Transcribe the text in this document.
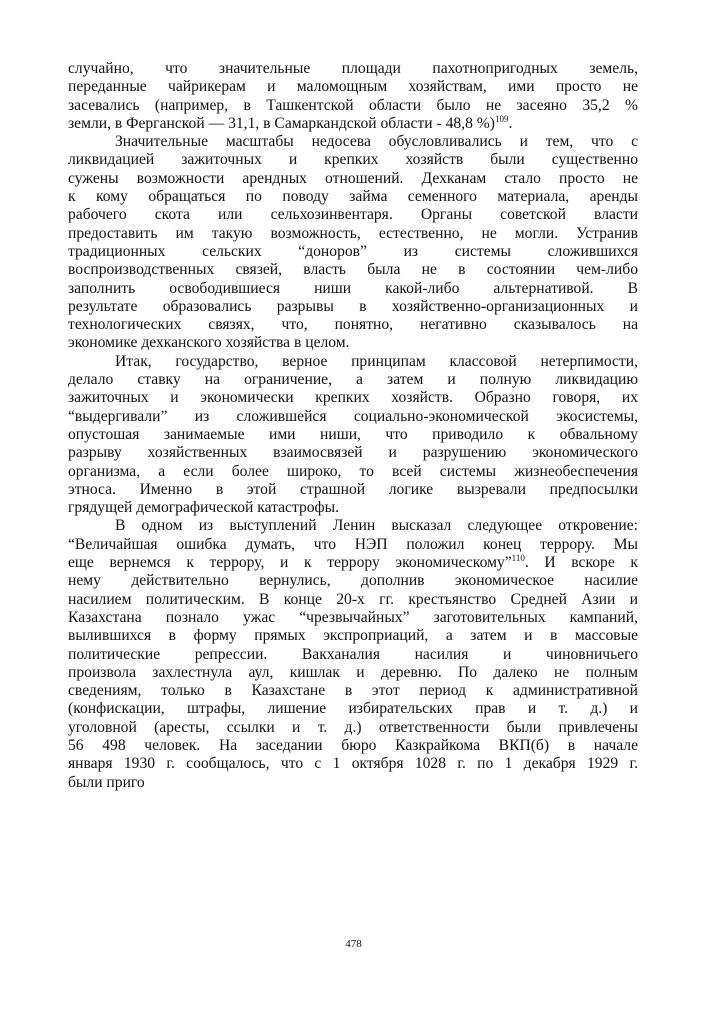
случайно, что значительные площади пахотнопригодных земель,
переданные чайрикерам и маломощным хозяйствам, ими просто не
засевались (например, в Ташкентской области было не засеяно 35,2 %
земли, в Ферганской — 31,1, в Самаркандской области - 48,8 %)$^{109}$.
Значительные масштабы недосева обусловливались и тем, что с
ликвидацией зажиточных и крепких хозяйств были существенно
сужены возможности арендных отношений. Дехканам стало просто не
к кому обращаться по поводу займа семенного материала, аренды
рабочего скота или сельхозинвентаря. Органы советской власти
предоставить им такую возможность, естественно, не могли. Устранив
традиционных сельских “доноров” из системы сложившихся
воспроизводственных связей, власть была не в состоянии чем-либо
заполнить освободившиеся ниши какой-либо альтернативой. В
результате образовались разрывы в хозяйственно-организационных и
технологических связях, что, понятно, негативно сказывалось на
экономике дехканского хозяйства в целом.
Итак, государство, верное принципам классовой нетерпимости,
делало ставку на ограничение, а затем и полную ликвидацию
зажиточных и экономически крепких хозяйств. Образно говоря, их
“выдергивали” из сложившейся социально-экономической экосистемы,
опустошая занимаемые ими ниши, что приводило к обвальному
разрыву хозяйственных взаимосвязей и разрушению экономического
организма, а если более широко, то всей системы жизнеобеспечения
этноса. Именно в этой страшной логике вызревали предпосылки
грядущей демографической катастрофы.
В одном из выступлений Ленин высказал следующее откровение:
“Величайшая ошибка думать, что НЭП положил конец террору. Мы
еще вернемся к террору, и к террору экономическому”$^{110}$. И вскоре к
нему действительно вернулись, дополнив экономическое насилие
насилием политическим. В конце 20-х гг. крестьянство Средней Азии и
Казахстана познало ужас “чрезвычайных” заготовительных кампаний,
вылившихся в форму прямых экспроприаций, а затем и в массовые
политические репрессии. Вакханалия насилия и чиновничьего
произвола захлестнула аул, кишлак и деревню. По далеко не полным
сведениям, только в Казахстане в этот период к административной
(конфискации, штрафы, лишение избирательских прав и т. д.) и
уголовной (аресты, ссылки и т. д.) ответственности были привлечены
56 498 человек. На заседании бюро Казкрайкома ВКП(б) в начале
января 1930 г. сообщалось, что с 1 октября 1028 г. по 1 декабря 1929 г.
были приго
478
